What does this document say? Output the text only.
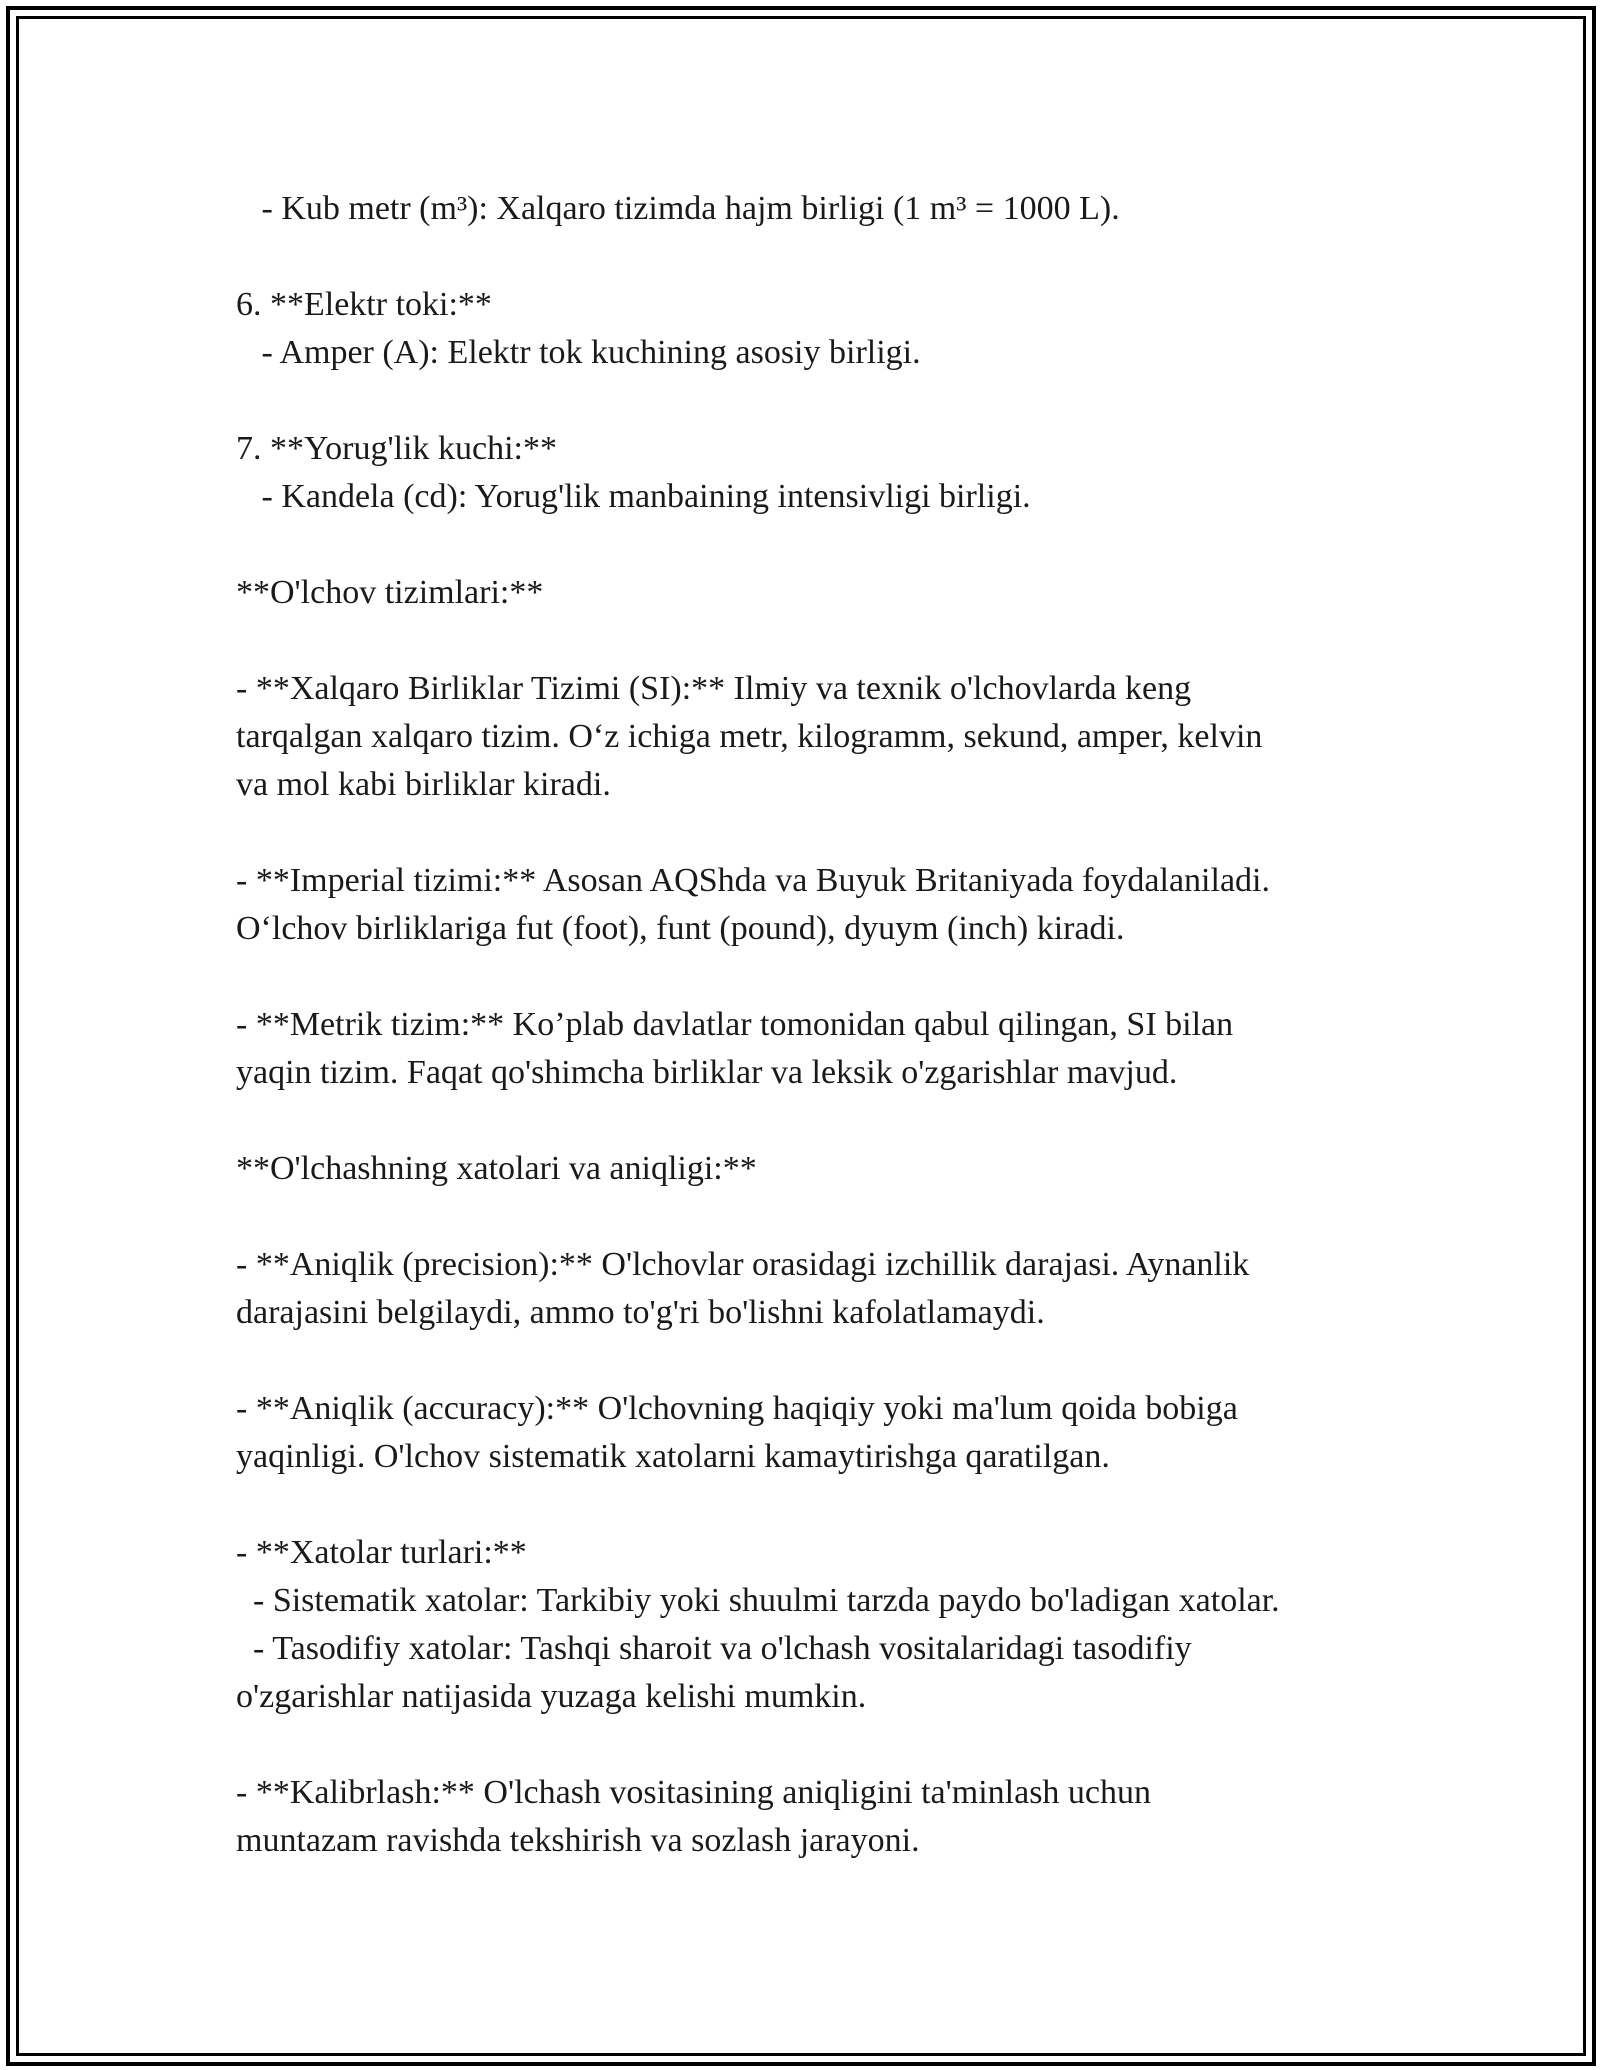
- Kub metr (m³): Xalqaro tizimda hajm birligi (1 m³ = 1000 L).
6. **Elektr toki:**
- Amper (A): Elektr tok kuchining asosiy birligi.
7. **Yorug'lik kuchi:**
- Kandela (cd): Yorug'lik manbaining intensivligi birligi.
**O'lchov tizimlari:**
- **Xalqaro Birliklar Tizimi (SI):** Ilmiy va texnik o'lchovlarda keng
tarqalgan xalqaro tizim. O‘z ichiga metr, kilogramm, sekund, amper, kelvin
va mol kabi birliklar kiradi.
- **Imperial tizimi:** Asosan AQShda va Buyuk Britaniyada foydalaniladi.
O‘lchov birliklariga fut (foot), funt (pound), dyuym (inch) kiradi.
- **Metrik tizim:** Ko’plab davlatlar tomonidan qabul qilingan, SI bilan
yaqin tizim. Faqat qo'shimcha birliklar va leksik o'zgarishlar mavjud.
**O'lchashning xatolari va aniqligi:**
- **Aniqlik (precision):** O'lchovlar orasidagi izchillik darajasi. Aynanlik
darajasini belgilaydi, ammo to'g'ri bo'lishni kafolatlamaydi.
- **Aniqlik (accuracy):** O'lchovning haqiqiy yoki ma'lum qoida bobiga
yaqinligi. O'lchov sistematik xatolarni kamaytirishga qaratilgan.
- **Xatolar turlari:**
- Sistematik xatolar: Tarkibiy yoki shuulmi tarzda paydo bo'ladigan xatolar.
- Tasodifiy xatolar: Tashqi sharoit va o'lchash vositalaridagi tasodifiy
o'zgarishlar natijasida yuzaga kelishi mumkin.
- **Kalibrlash:** O'lchash vositasining aniqligini ta'minlash uchun
muntazam ravishda tekshirish va sozlash jarayoni.
